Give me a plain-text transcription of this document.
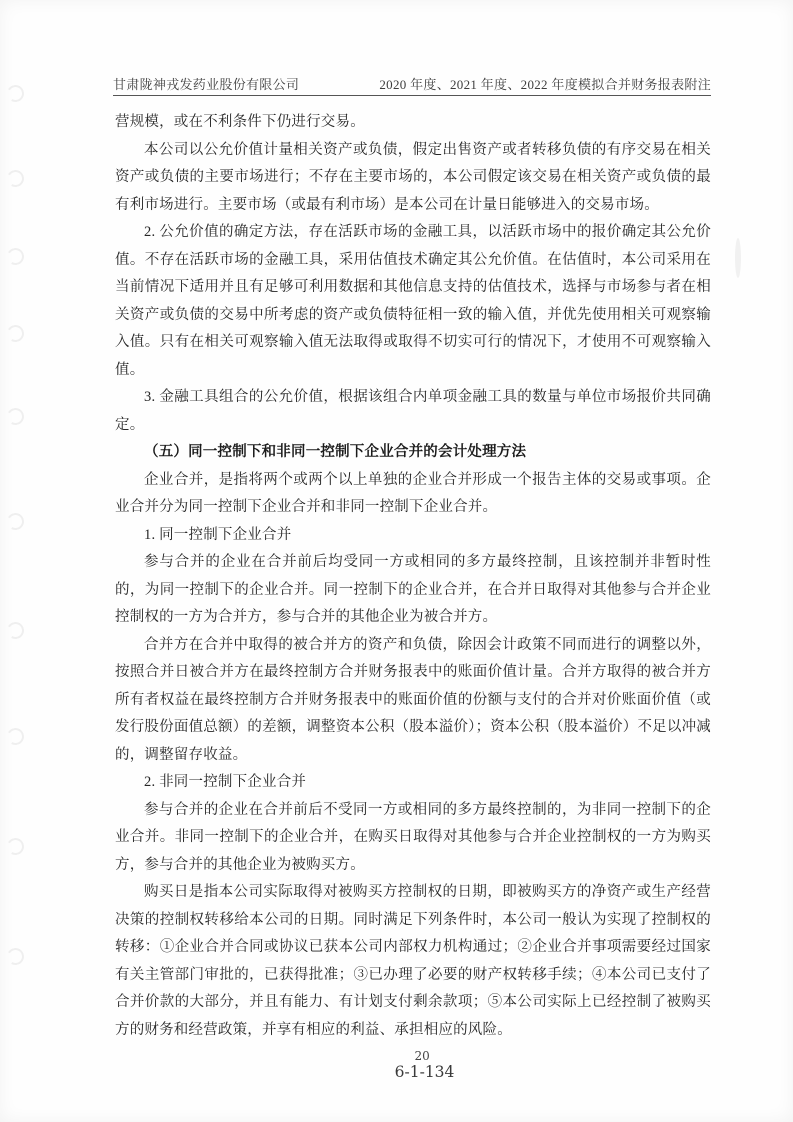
甘肃陇神戎发药业股份有限公司	2020 年度、2021 年度、2022 年度模拟合并财务报表附注

营规模，或在不利条件下仍进行交易。

本公司以公允价值计量相关资产或负债，假定出售资产或者转移负债的有序交易在相关资产或负债的主要市场进行；不存在主要市场的，本公司假定该交易在相关资产或负债的最有利市场进行。主要市场（或最有利市场）是本公司在计量日能够进入的交易市场。

2. 公允价值的确定方法，存在活跃市场的金融工具，以活跃市场中的报价确定其公允价值。不存在活跃市场的金融工具，采用估值技术确定其公允价值。在估值时，本公司采用在当前情况下适用并且有足够可利用数据和其他信息支持的估值技术，选择与市场参与者在相关资产或负债的交易中所考虑的资产或负债特征相一致的输入值，并优先使用相关可观察输入值。只有在相关可观察输入值无法取得或取得不切实可行的情况下，才使用不可观察输入值。

3. 金融工具组合的公允价值，根据该组合内单项金融工具的数量与单位市场报价共同确定。

（五）同一控制下和非同一控制下企业合并的会计处理方法

企业合并，是指将两个或两个以上单独的企业合并形成一个报告主体的交易或事项。企业合并分为同一控制下企业合并和非同一控制下企业合并。

1. 同一控制下企业合并

参与合并的企业在合并前后均受同一方或相同的多方最终控制，且该控制并非暂时性的，为同一控制下的企业合并。同一控制下的企业合并，在合并日取得对其他参与合并企业控制权的一方为合并方，参与合并的其他企业为被合并方。

合并方在合并中取得的被合并方的资产和负债，除因会计政策不同而进行的调整以外，按照合并日被合并方在最终控制方合并财务报表中的账面价值计量。合并方取得的被合并方所有者权益在最终控制方合并财务报表中的账面价值的份额与支付的合并对价账面价值（或发行股份面值总额）的差额，调整资本公积（股本溢价）；资本公积（股本溢价）不足以冲减的，调整留存收益。

2. 非同一控制下企业合并

参与合并的企业在合并前后不受同一方或相同的多方最终控制的，为非同一控制下的企业合并。非同一控制下的企业合并，在购买日取得对其他参与合并企业控制权的一方为购买方，参与合并的其他企业为被购买方。

购买日是指本公司实际取得对被购买方控制权的日期，即被购买方的净资产或生产经营决策的控制权转移给本公司的日期。同时满足下列条件时，本公司一般认为实现了控制权的转移：①企业合并合同或协议已获本公司内部权力机构通过；②企业合并事项需要经过国家有关主管部门审批的，已获得批准；③已办理了必要的财产权转移手续；④本公司已支付了合并价款的大部分，并且有能力、有计划支付剩余款项；⑤本公司实际上已经控制了被购买方的财务和经营政策，并享有相应的利益、承担相应的风险。

6-1
20
-134
